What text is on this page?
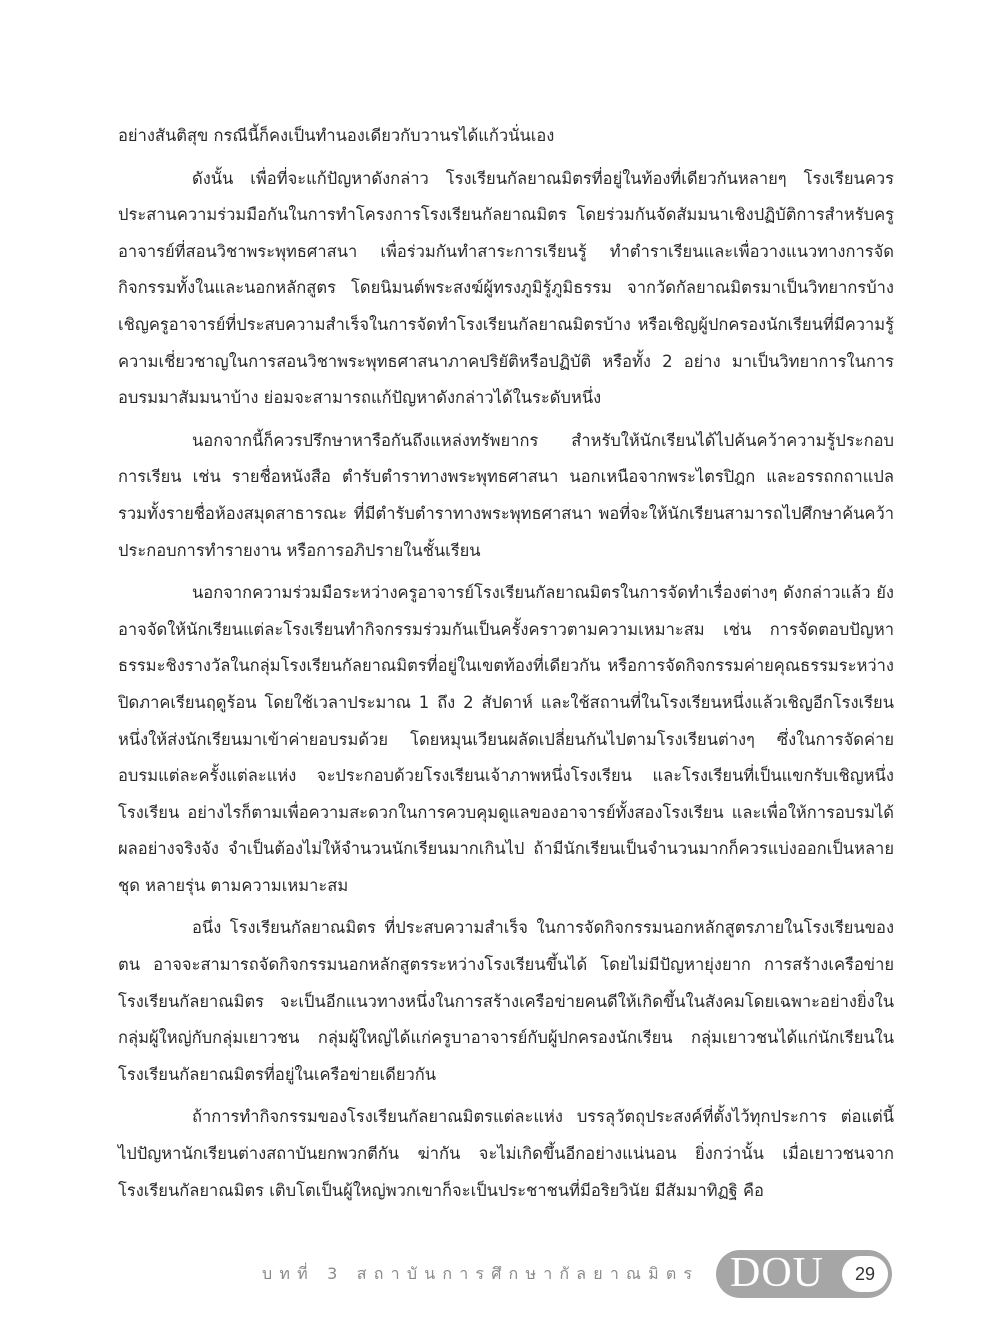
อย่างสันติสุข กรณีนี้ก็คงเป็นทำนองเดียวกับวานรได้แก้วนั่นเอง

ดังนั้น เพื่อที่จะแก้ปัญหาดังกล่าว โรงเรียนกัลยาณมิตรที่อยู่ในท้องที่เดียวกันหลายๆ โรงเรียนควรประสานความร่วมมือกันในการทำโครงการโรงเรียนกัลยาณมิตร โดยร่วมกันจัดสัมมนาเชิงปฏิบัติการสำหรับครูอาจารย์ที่สอนวิชาพระพุทธศาสนา เพื่อร่วมกันทำสาระการเรียนรู้ ทำตำราเรียนและเพื่อวางแนวทางการจัดกิจกรรมทั้งในและนอกหลักสูตร โดยนิมนต์พระสงฆ์ผู้ทรงภูมิรู้ภูมิธรรม จากวัดกัลยาณมิตรมาเป็นวิทยากรบ้าง เชิญครูอาจารย์ที่ประสบความสำเร็จในการจัดทำโรงเรียนกัลยาณมิตรบ้าง หรือเชิญผู้ปกครองนักเรียนที่มีความรู้ความเชี่ยวชาญในการสอนวิชาพระพุทธศาสนาภาคปริยัติหรือปฏิบัติ หรือทั้ง 2 อย่าง มาเป็นวิทยาการในการอบรมมาสัมมนาบ้าง ย่อมจะสามารถแก้ปัญหาดังกล่าวได้ในระดับหนึ่ง

นอกจากนี้ก็ควรปรึกษาหารือกันถึงแหล่งทรัพยากร สำหรับให้นักเรียนได้ไปค้นคว้าความรู้ประกอบการเรียน เช่น รายชื่อหนังสือ ตำรับตำราทางพระพุทธศาสนา นอกเหนือจากพระไตรปิฎก และอรรถกถาแปล รวมทั้งรายชื่อห้องสมุดสาธารณะ ที่มีตำรับตำราทางพระพุทธศาสนา พอที่จะให้นักเรียนสามารถไปศึกษาค้นคว้าประกอบการทำรายงาน หรือการอภิปรายในชั้นเรียน

นอกจากความร่วมมือระหว่างครูอาจารย์โรงเรียนกัลยาณมิตรในการจัดทำเรื่องต่างๆ ดังกล่าวแล้ว ยังอาจจัดให้นักเรียนแต่ละโรงเรียนทำกิจกรรมร่วมกันเป็นครั้งคราวตามความเหมาะสม เช่น การจัดตอบปัญหาธรรมะชิงรางวัลในกลุ่มโรงเรียนกัลยาณมิตรที่อยู่ในเขตท้องที่เดียวกัน หรือการจัดกิจกรรมค่ายคุณธรรมระหว่างปิดภาคเรียนฤดูร้อน โดยใช้เวลาประมาณ 1 ถึง 2 สัปดาห์ และใช้สถานที่ในโรงเรียนหนึ่งแล้วเชิญอีกโรงเรียนหนึ่งให้ส่งนักเรียนมาเข้าค่ายอบรมด้วย โดยหมุนเวียนผลัดเปลี่ยนกันไปตามโรงเรียนต่างๆ ซึ่งในการจัดค่ายอบรมแต่ละครั้งแต่ละแห่ง จะประกอบด้วยโรงเรียนเจ้าภาพหนึ่งโรงเรียน และโรงเรียนที่เป็นแขกรับเชิญหนึ่งโรงเรียน อย่างไรก็ตามเพื่อความสะดวกในการควบคุมดูแลของอาจารย์ทั้งสองโรงเรียน และเพื่อให้การอบรมได้ผลอย่างจริงจัง จำเป็นต้องไม่ให้จำนวนนักเรียนมากเกินไป ถ้ามีนักเรียนเป็นจำนวนมากก็ควรแบ่งออกเป็นหลายชุด หลายรุ่น ตามความเหมาะสม

อนึ่ง โรงเรียนกัลยาณมิตร ที่ประสบความสำเร็จ ในการจัดกิจกรรมนอกหลักสูตรภายในโรงเรียนของตน อาจจะสามารถจัดกิจกรรมนอกหลักสูตรระหว่างโรงเรียนขึ้นได้ โดยไม่มีปัญหายุ่งยาก การสร้างเครือข่ายโรงเรียนกัลยาณมิตร จะเป็นอีกแนวทางหนึ่งในการสร้างเครือข่ายคนดีให้เกิดขึ้นในสังคมโดยเฉพาะอย่างยิ่งในกลุ่มผู้ใหญ่กับกลุ่มเยาวชน กลุ่มผู้ใหญ่ได้แก่ครูบาอาจารย์กับผู้ปกครองนักเรียน กลุ่มเยาวชนได้แก่นักเรียนในโรงเรียนกัลยาณมิตรที่อยู่ในเครือข่ายเดียวกัน

ถ้าการทำกิจกรรมของโรงเรียนกัลยาณมิตรแต่ละแห่ง บรรลุวัตถุประสงค์ที่ตั้งไว้ทุกประการ ต่อแต่นี้ไปปัญหานักเรียนต่างสถาบันยกพวกตีกัน ฆ่ากัน จะไม่เกิดขึ้นอีกอย่างแน่นอน ยิ่งกว่านั้น เมื่อเยาวชนจากโรงเรียนกัลยาณมิตร เติบโตเป็นผู้ใหญ่พวกเขาก็จะเป็นประชาชนที่มีอริยวินัย มีสัมมาทิฏฐิ คือ

บทที่ 3 สถาบันการศึกษากัลยาณมิตร DOU	29
